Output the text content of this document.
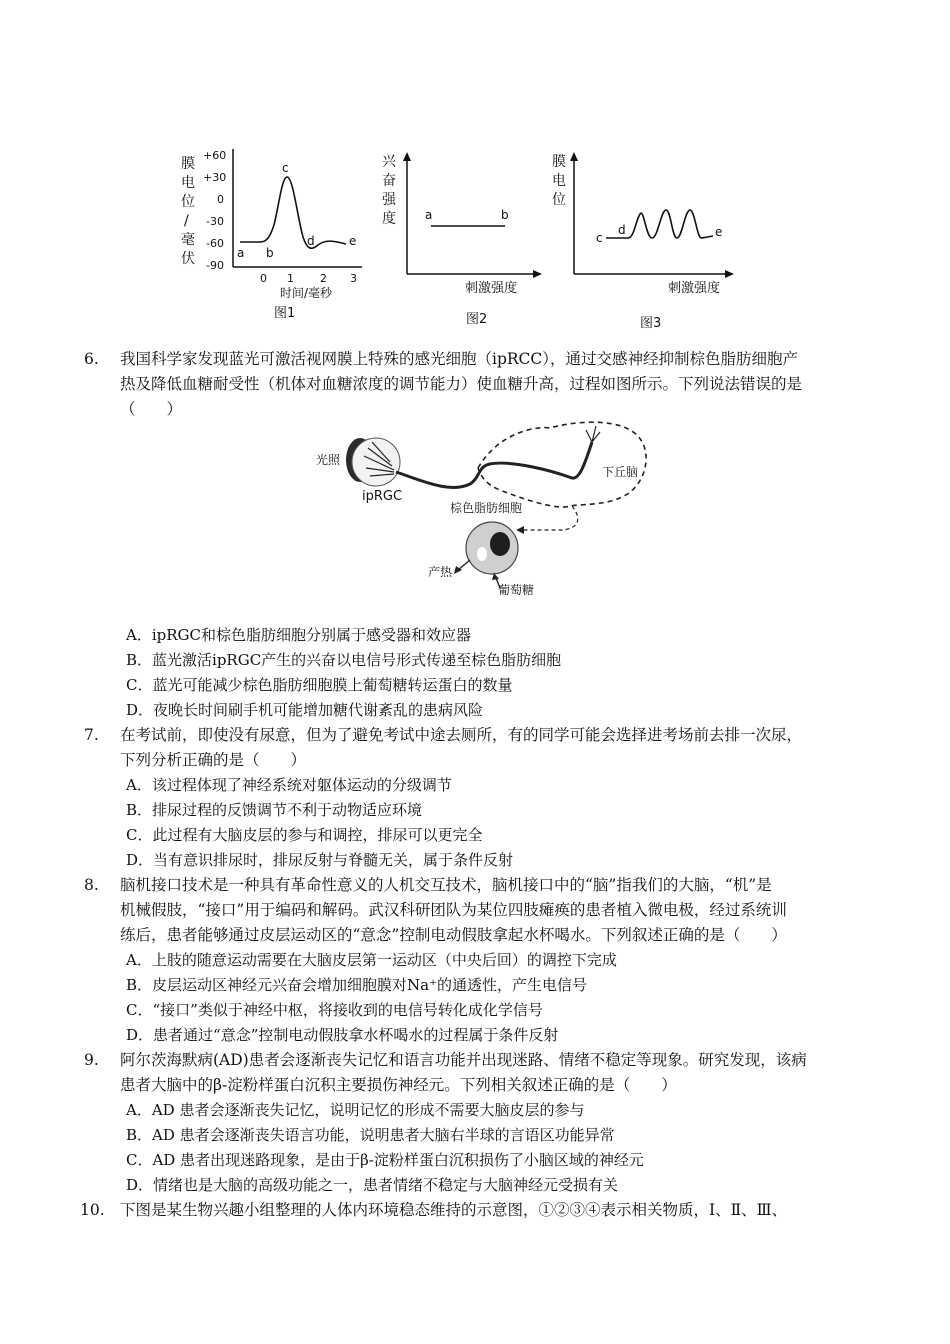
膜
电
位
/
毫
伏
+60
+30
0
-30
-60
-90
a b
c
d	e
0 1 2 3
时间/毫秒
图1
兴
奋
强
度 a	b
刺激强度
图2
膜
电
位
c
d	e
刺激强度
图3
6. 我国科学家发现蓝光可激活视网膜上特殊的感光细胞（ipRCC），通过交感神经抑制棕色脂肪细胞产
热及降低血糖耐受性（机体对血糖浓度的调节能力）使血糖升高，过程如图所示。下列说法错误的是
（　　）
光照
ipRGC
下丘脑
棕色脂肪细胞
产热
葡萄糖
A．ipRGC和棕色脂肪细胞分别属于感受器和效应器
B．蓝光激活ipRGC产生的兴奋以电信号形式传递至棕色脂肪细胞
C．蓝光可能减少棕色脂肪细胞膜上葡萄糖转运蛋白的数量
D．夜晚长时间刷手机可能增加糖代谢紊乱的患病风险
7. 在考试前，即使没有尿意，但为了避免考试中途去厕所，有的同学可能会选择进考场前去排一次尿，
下列分析正确的是（　　）
A．该过程体现了神经系统对躯体运动的分级调节
B．排尿过程的反馈调节不利于动物适应环境
C．此过程有大脑皮层的参与和调控，排尿可以更完全
D．当有意识排尿时，排尿反射与脊髓无关，属于条件反射
8. 脑机接口技术是一种具有革命性意义的人机交互技术，脑机接口中的“脑”指我们的大脑，“机”是
机械假肢，“接口”用于编码和解码。武汉科研团队为某位四肢瘫痪的患者植入微电极，经过系统训
练后，患者能够通过皮层运动区的“意念”控制电动假肢拿起水杯喝水。下列叙述正确的是（　　）
A．上肢的随意运动需要在大脑皮层第一运动区（中央后回）的调控下完成
B．皮层运动区神经元兴奋会增加细胞膜对Na⁺的通透性，产生电信号
C．“接口”类似于神经中枢，将接收到的电信号转化成化学信号
D．患者通过“意念”控制电动假肢拿水杯喝水的过程属于条件反射
9. 阿尔茨海默病(AD)患者会逐渐丧失记忆和语言功能并出现迷路、情绪不稳定等现象。研究发现，该病
患者大脑中的β-淀粉样蛋白沉积主要损伤神经元。下列相关叙述正确的是（　　）
A．AD 患者会逐渐丧失记忆，说明记忆的形成不需要大脑皮层的参与
B．AD 患者会逐渐丧失语言功能，说明患者大脑右半球的言语区功能异常
C．AD 患者出现迷路现象，是由于β-淀粉样蛋白沉积损伤了小脑区域的神经元
D．情绪也是大脑的高级功能之一，患者情绪不稳定与大脑神经元受损有关
10. 下图是某生物兴趣小组整理的人体内环境稳态维持的示意图，①②③④表示相关物质，Ⅰ、Ⅱ、Ⅲ、
